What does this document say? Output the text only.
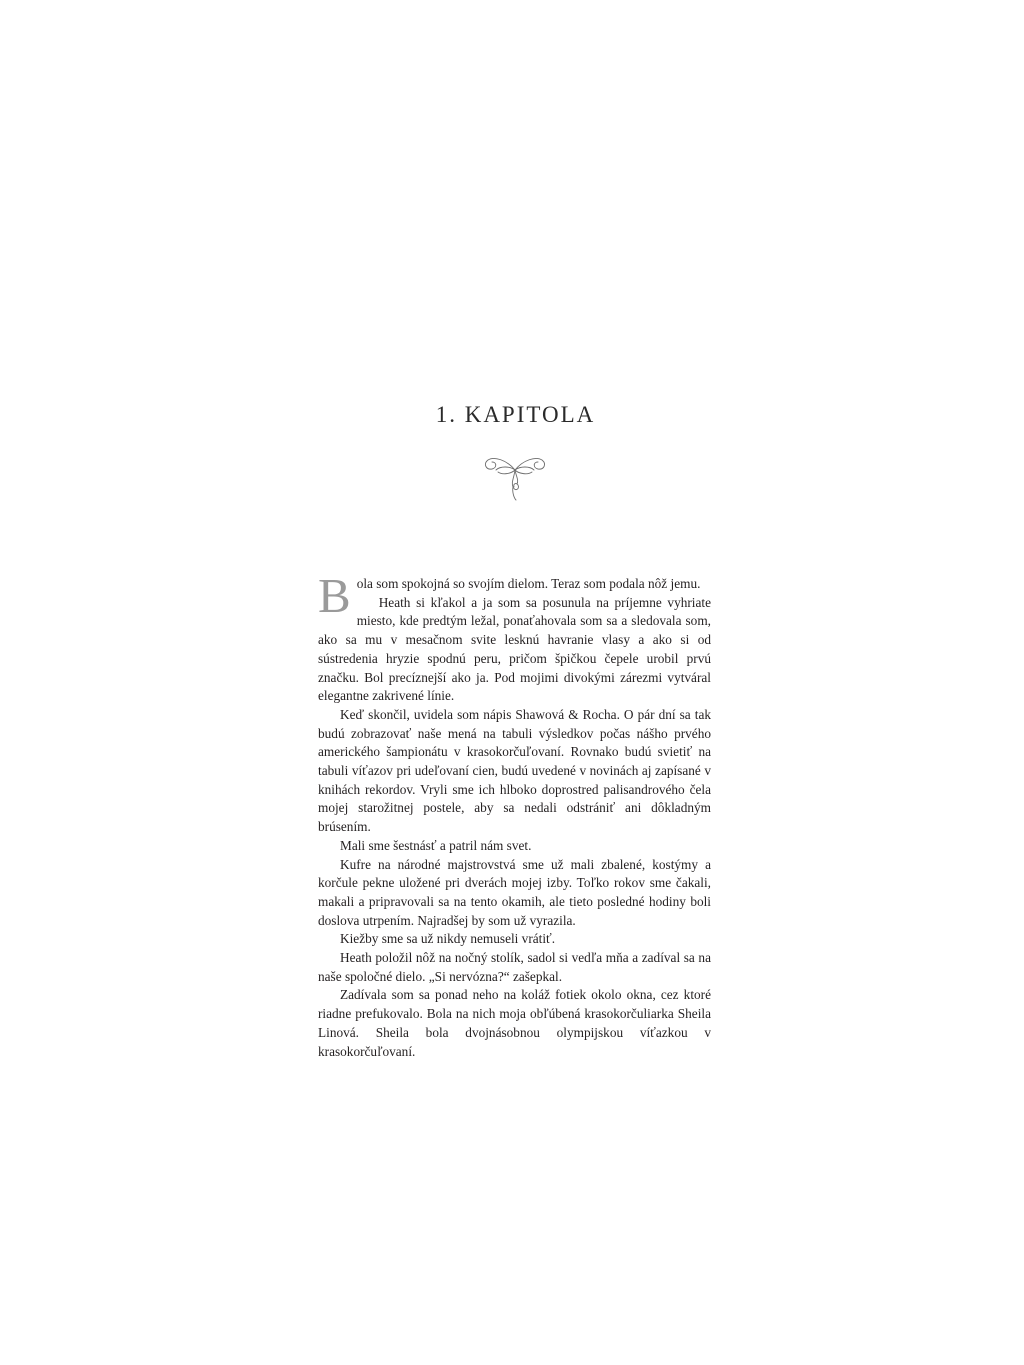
1. KAPITOLA

Bola som spokojná so svojím dielom. Teraz som podala nôž jemu.

Heath si kľakol a ja som sa posunula na príjemne vyhriate miesto, kde predtým ležal, ponaťahovala som sa a sledovala som, ako sa mu v mesačnom svite lesknú havranie vlasy a ako si od sústredenia hryzie spodnú peru, pričom špičkou čepele urobil prvú značku. Bol precíznejší ako ja. Pod mojimi divokými zárezmi vytváral elegantne zakrivené línie.

Keď skončil, uvidela som nápis Shawová & Rocha. O pár dní sa tak budú zobrazovať naše mená na tabuli výsledkov počas nášho prvého amerického šampionátu v krasokorčuľovaní. Rovnako budú svietiť na tabuli víťazov pri udeľovaní cien, budú uvedené v novinách aj zapísané v knihách rekordov. Vryli sme ich hlboko doprostred palisandrového čela mojej starožitnej postele, aby sa nedali odstrániť ani dôkladným brúsením.

Mali sme šestnásť a patril nám svet.

Kufre na národné majstrovstvá sme už mali zbalené, kostýmy a korčule pekne uložené pri dverách mojej izby. Toľko rokov sme čakali, makali a pripravovali sa na tento okamih, ale tieto posledné hodiny boli doslova utrpením. Najradšej by som už vyrazila.

Kiežby sme sa už nikdy nemuseli vrátiť.

Heath položil nôž na nočný stolík, sadol si vedľa mňa a zadíval sa na naše spoločné dielo. „Si nervózna?“ zašepkal.

Zadívala som sa ponad neho na koláž fotiek okolo okna, cez ktoré riadne prefukovalo. Bola na nich moja obľúbená krasokorčuliarka Sheila Linová. Sheila bola dvojnásobnou olympijskou víťazkou v krasokorčuľovaní.
